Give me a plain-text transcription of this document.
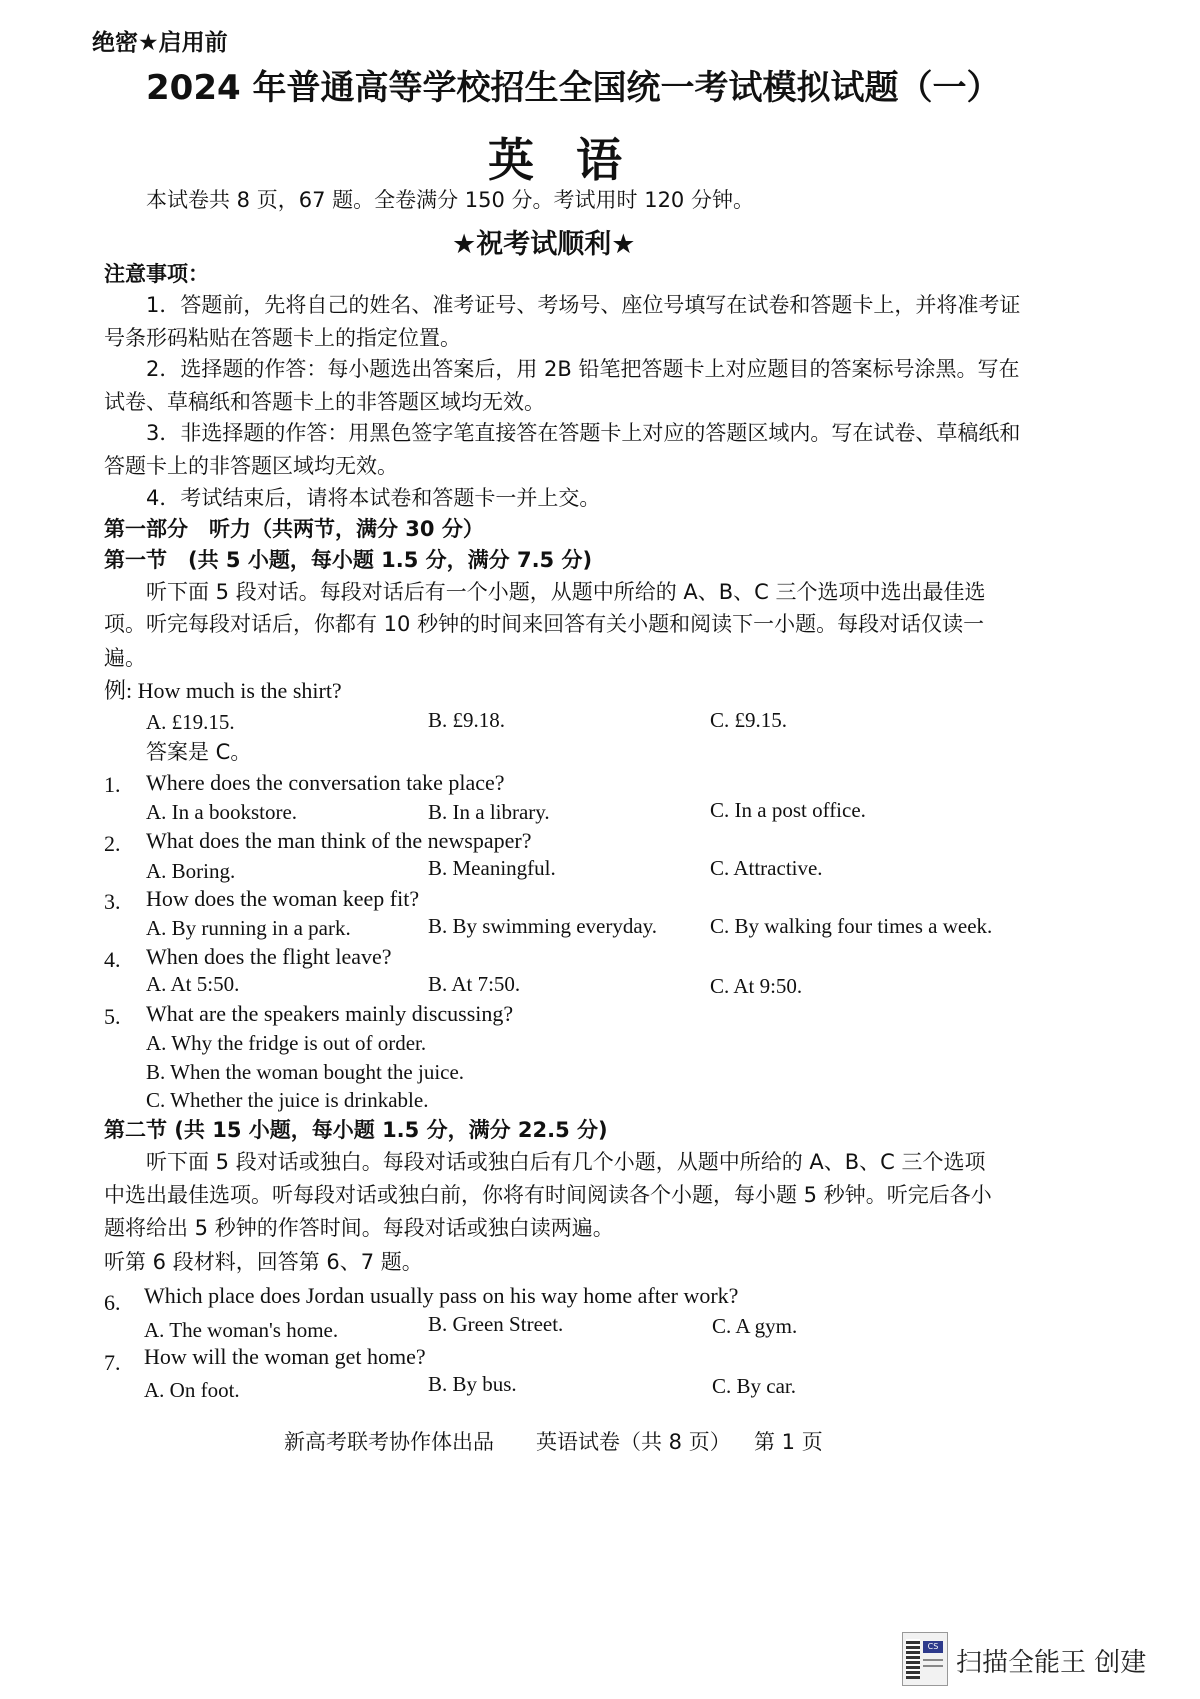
绝密★启用前
2024 年普通高等学校招生全国统一考试模拟试题（一）
英语
本试卷共 8 页，67 题。全卷满分 150 分。考试用时 120 分钟。
★祝考试顺利★
注意事项：
1．答题前，先将自己的姓名、准考证号、考场号、座位号填写在试卷和答题卡上，并将准考证
号条形码粘贴在答题卡上的指定位置。
2．选择题的作答：每小题选出答案后，用 2B 铅笔把答题卡上对应题目的答案标号涂黑。写在
试卷、草稿纸和答题卡上的非答题区域均无效。
3．非选择题的作答：用黑色签字笔直接答在答题卡上对应的答题区域内。写在试卷、草稿纸和
答题卡上的非答题区域均无效。
4．考试结束后，请将本试卷和答题卡一并上交。
第一部分　听力（共两节，满分 30 分）
第一节　(共 5 小题，每小题 1.5 分，满分 7.5 分)
听下面 5 段对话。每段对话后有一个小题，从题中所给的 A、B、C 三个选项中选出最佳选
项。听完每段对话后，你都有 10 秒钟的时间来回答有关小题和阅读下一小题。每段对话仅读一
遍。
例: How much is the shirt?
A. £19.15.	B. £9.18.	C. £9.15.
答案是 C。
1. Where does the conversation take place?
A. In a bookstore.	B. In a library.	C. In a post office.
2. What does the man think of the newspaper?
A. Boring.	B. Meaningful.	C. Attractive.
3. How does the woman keep fit?
A. By running in a park.	B. By swimming everyday.	C. By walking four times a week.
4. When does the flight leave?
A. At 5:50.	B. At 7:50.	C. At 9:50.
5. What are the speakers mainly discussing?
A. Why the fridge is out of order.
B. When the woman bought the juice.
C. Whether the juice is drinkable.
第二节 (共 15 小题，每小题 1.5 分，满分 22.5 分)
听下面 5 段对话或独白。每段对话或独白后有几个小题，从题中所给的 A、B、C 三个选项
中选出最佳选项。听每段对话或独白前，你将有时间阅读各个小题，每小题 5 秒钟。听完后各小
题将给出 5 秒钟的作答时间。每段对话或独白读两遍。
听第 6 段材料，回答第 6、7 题。
6. Which place does Jordan usually pass on his way home after work?
A. The woman's home.	B. Green Street.	C. A gym.
7. How will the woman get home?
A. On foot.	B. By bus.	C. By car.
新高考联考协作体出品 英语试卷（共 8 页） 第 1 页
CS
扫描全能王 创建
